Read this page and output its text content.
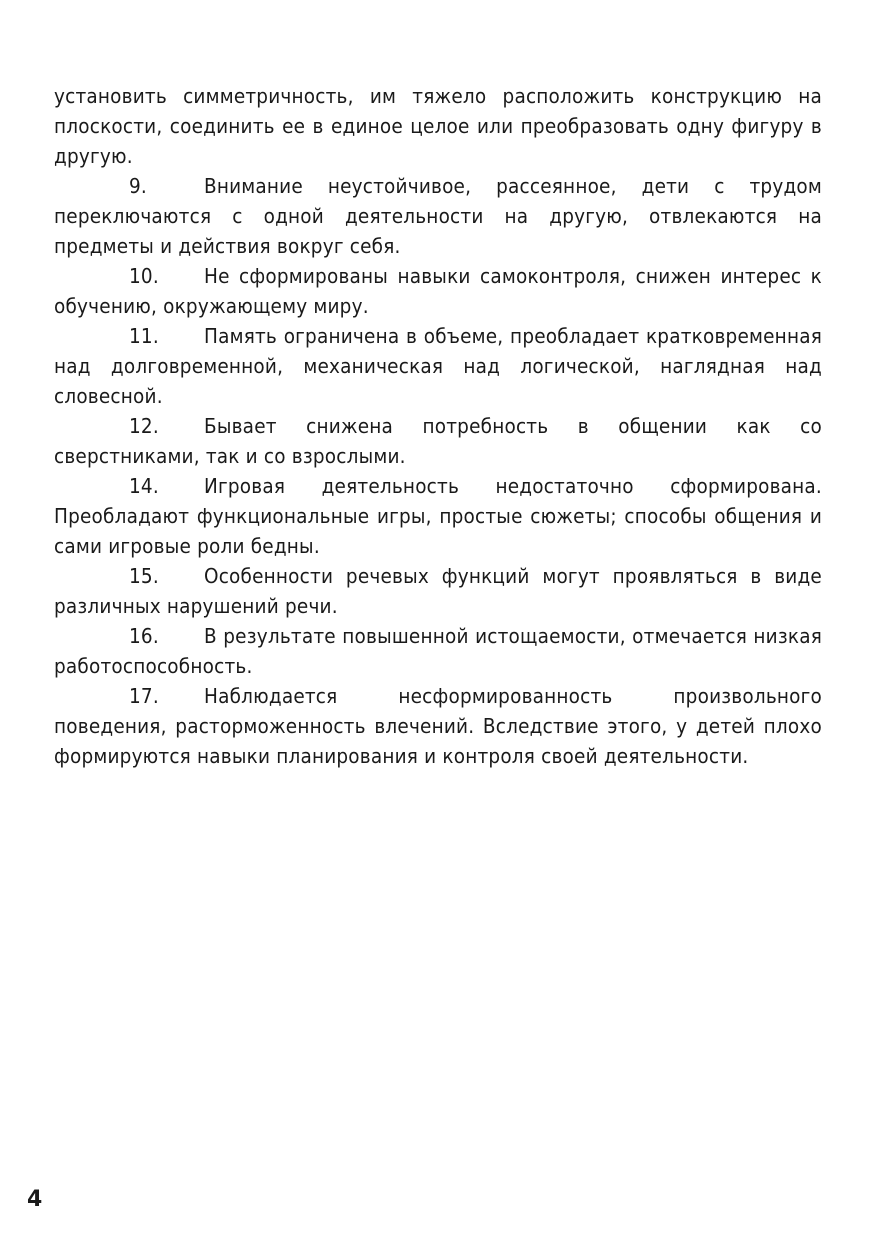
установить симметричность, им тяжело расположить конструкцию на плоскости, соединить ее в единое целое или преобразовать одну фигуру в другую.

9.	Внимание неустойчивое, рассеянное, дети с трудом переключаются с одной деятельности на другую, отвлекаются на предметы и действия вокруг себя.

10. Не сформированы навыки самоконтроля, снижен интерес к обучению, окружающему миру.

11. Память ограничена в объеме, преобладает кратковременная над долговременной, механическая над логической, наглядная над словесной.

12. Бывает снижена потребность в общении как со сверстниками, так и со взрослыми.

14. Игровая деятельность недостаточно сформирована. Преобладают функциональные игры, простые сюжеты; способы общения и сами игровые роли бедны.

15. Особенности речевых функций могут проявляться в виде различных нарушений речи.

16. В результате повышенной истощаемости, отмечается низкая работоспособность.

17. Наблюдается несформированность произвольного поведения, расторможенность влечений. Вследствие этого, у детей плохо формируются навыки планирования и контроля своей деятельности.

4
